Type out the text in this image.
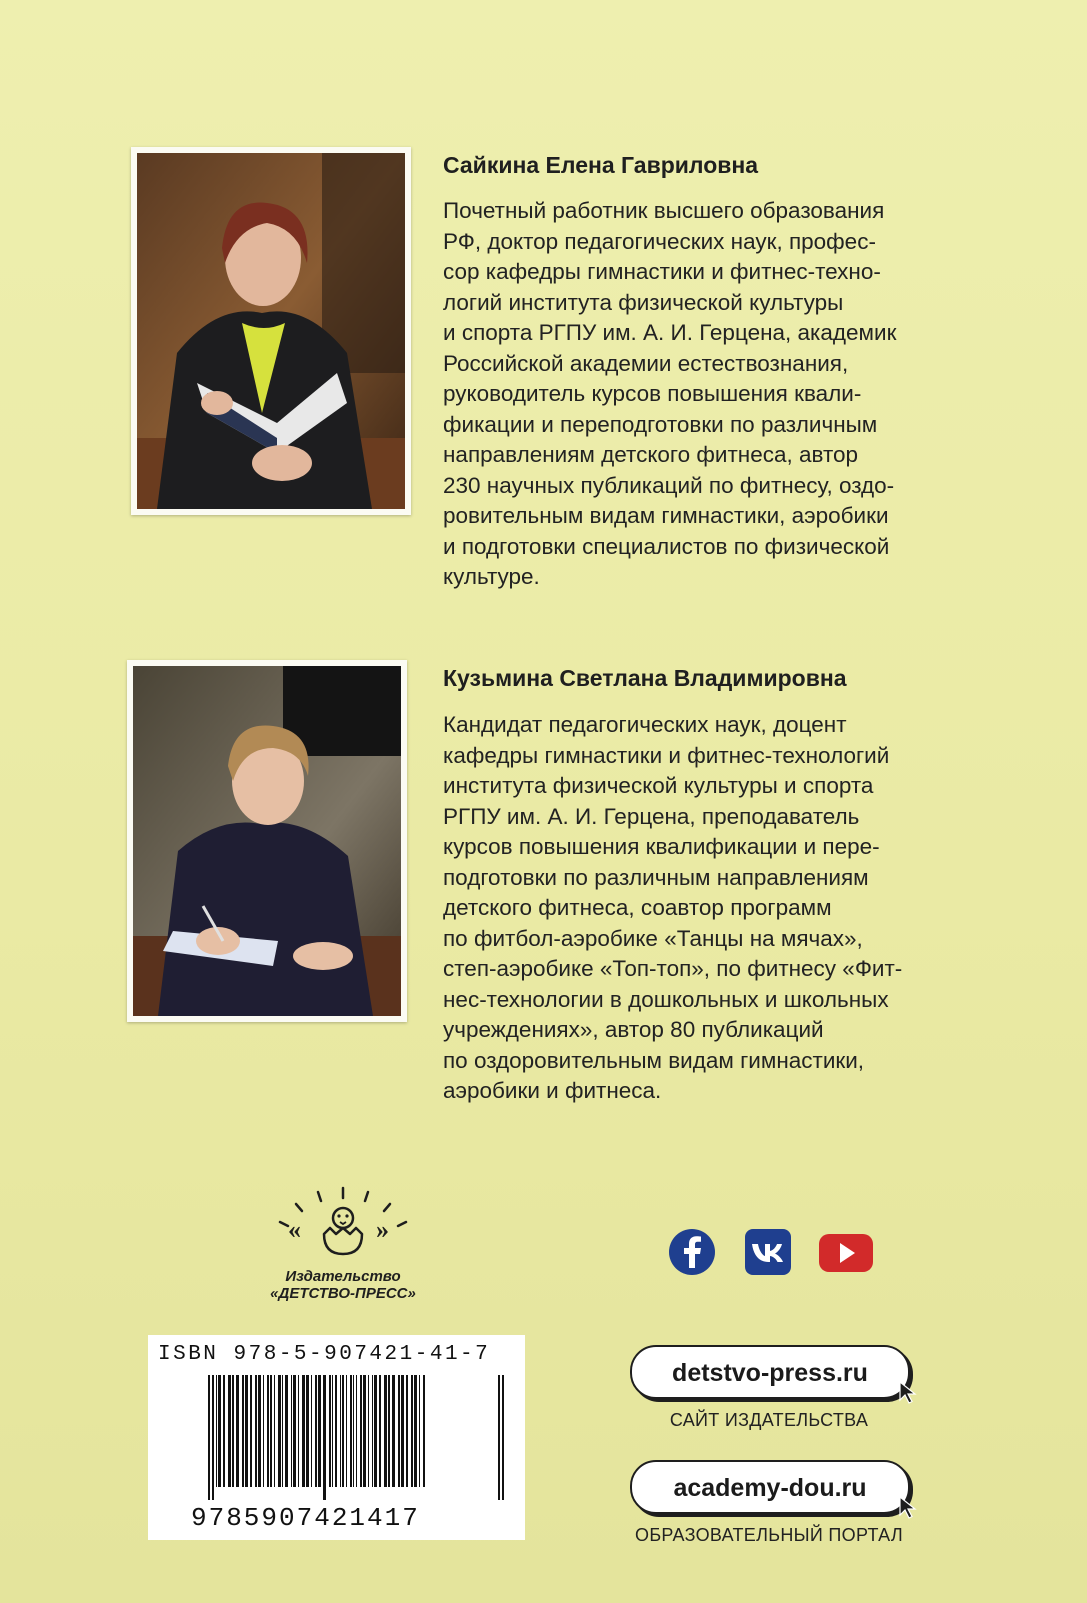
Сайкина Елена Гавриловна

Почетный работник высшего образования
РФ, доктор педагогических наук, профес-
сор кафедры гимнастики и фитнес-техно-
логий института физической культуры
и спорта РГПУ им. А. И. Герцена, академик
Российской академии естествознания,
руководитель курсов повышения квали-
фикации и переподготовки по различным
направлениям детского фитнеса, автор
230 научных публикаций по фитнесу, оздо-
ровительным видам гимнастики, аэробики
и подготовки специалистов по физической
культуре.

Кузьмина Светлана Владимировна

Кандидат педагогических наук, доцент
кафедры гимнастики и фитнес-технологий
института физической культуры и спорта
РГПУ им. А. И. Герцена, преподаватель
курсов повышения квалификации и пере-
подготовки по различным направлениям
детского фитнеса, соавтор программ
по фитбол-аэробике «Танцы на мячах»,
степ-аэробике «Топ-топ», по фитнесу «Фит-
нес-технологии в дошкольных и школьных
учреждениях», автор 80 публикаций
по оздоровительным видам гимнастики,
аэробики и фитнеса.

«	»
Издательство
«ДЕТСТВО-ПРЕСС»
ISBN 978-5-907421-41-7
9785907421417
detstvo-press.ru
САЙТ ИЗДАТЕЛЬСТВА
academy-dou.ru
ОБРАЗОВАТЕЛЬНЫЙ ПОРТАЛ
